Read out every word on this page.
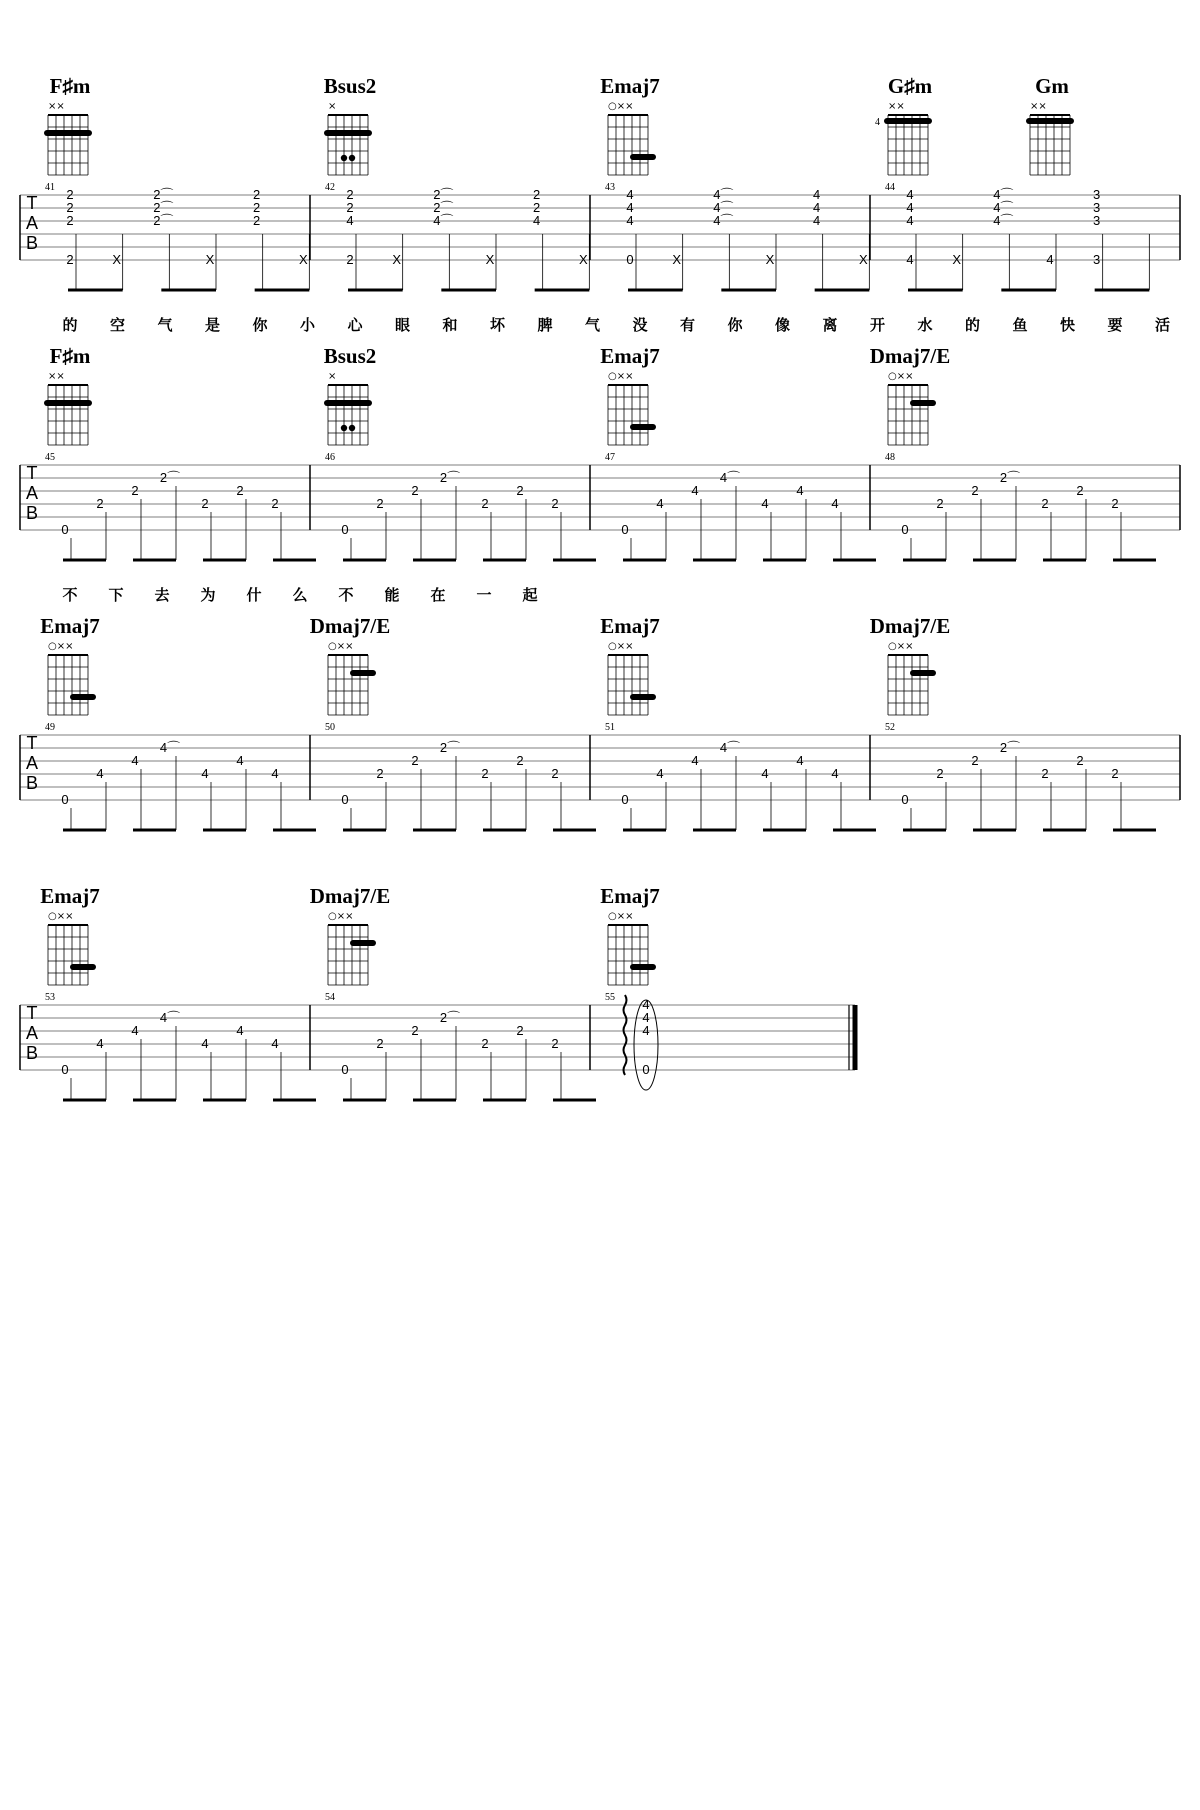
T
A
B
F♯m
××
41 2
2
2
2	X
2⌒
2⌒
2⌒
X
2
2
2
X
Bsus2
×
42 2
2
4
2	X
2⌒
2⌒
4⌒
X
2
2
4
X
Emaj7
○××
43 4
4
4
0	X
4⌒
4⌒
4⌒
X
4
4
4
X
G♯m
××
4
44 4
4
4
4	X
4⌒
4⌒
4⌒
4
3
3
3
3
Gm
××
的 空 气 是 你 小 心 眼 和 坏 脾 气 没 有 你 像 离 开 水 的 鱼 快 要 活
T
A
B
F♯m
××
45
0
2
2
2⌒
2
2
2
Bsus2
×
46
0
2
2
2⌒
2
2
2
Emaj7
○××
47
0
4
4
4⌒
4
4
4
Dmaj7/E
○××
48
0
2
2
2⌒
2
2
2
不 下 去 为 什 么 不 能 在 一 起
T
A
B
Emaj7
○××
49
0
4
4
4⌒
4
4
4
Dmaj7/E
○××
50
0
2
2
2⌒
2
2
2
Emaj7
○××
51
0
4
4
4⌒
4
4
4
Dmaj7/E
○××
52
0
2
2
2⌒
2
2
2
T
A
B
Emaj7
○××
53
0
4
4
4⌒
4
4
4
Dmaj7/E
○××
54
0
2
2
2⌒
2
2
2
Emaj7
○××
55 4
4
4
0
